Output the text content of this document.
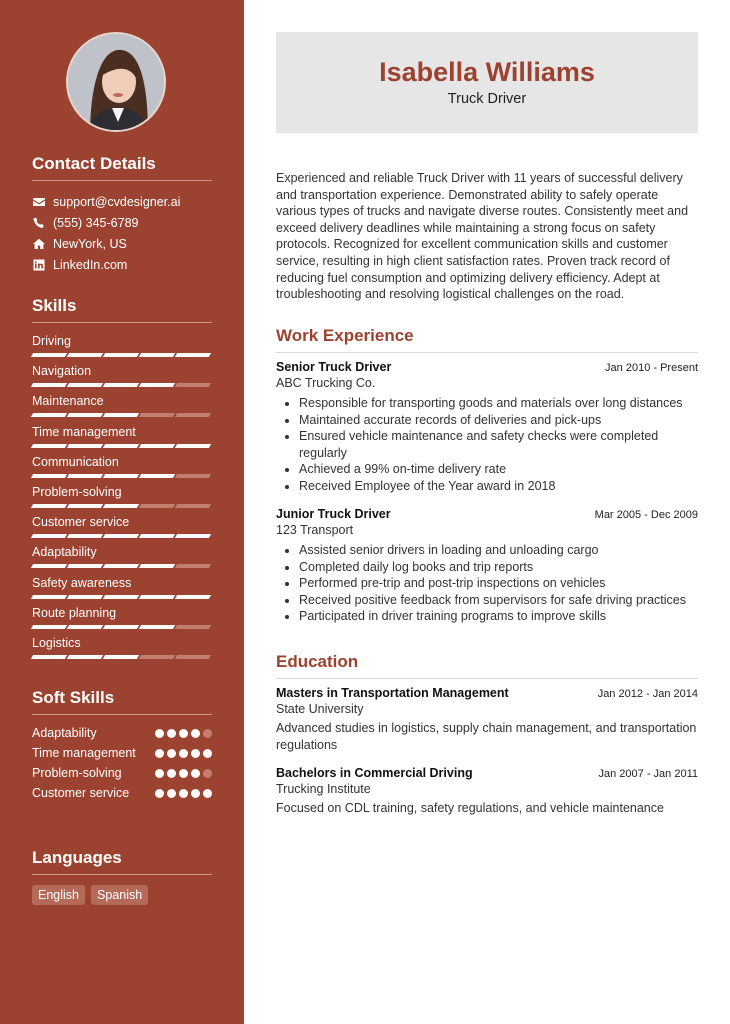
Contact Details
support@cvdesigner.ai
(555) 345-6789
NewYork, US
LinkedIn.com
Skills
Driving
Navigation
Maintenance
Time management
Communication
Problem-solving
Customer service
Adaptability
Safety awareness
Route planning
Logistics
Soft Skills
Adaptability
Time management
Problem-solving
Customer service
Languages
English	Spanish
Isabella Williams
Truck Driver

Experienced and reliable Truck Driver with 11 years of successful delivery and transportation experience. Demonstrated ability to safely operate various types of trucks and navigate diverse routes. Consistently meet and exceed delivery deadlines while maintaining a strong focus on safety protocols. Recognized for excellent communication skills and customer service, resulting in high client satisfaction rates. Proven track record of reducing fuel consumption and optimizing delivery efficiency. Adept at troubleshooting and resolving logistical challenges on the road.

Work Experience
Senior Truck Driver	Jan 2010 - Present
ABC Trucking Co.
• Responsible for transporting goods and materials over long distances
• Maintained accurate records of deliveries and pick-ups
• Ensured vehicle maintenance and safety checks were completed regularly
• Achieved a 99% on-time delivery rate
• Received Employee of the Year award in 2018
Junior Truck Driver	Mar 2005 - Dec 2009
123 Transport
• Assisted senior drivers in loading and unloading cargo
• Completed daily log books and trip reports
• Performed pre-trip and post-trip inspections on vehicles
• Received positive feedback from supervisors for safe driving practices
• Participated in driver training programs to improve skills
Education
Masters in Transportation Management	Jan 2012 - Jan 2014
State University
Advanced studies in logistics, supply chain management, and transportation regulations
Bachelors in Commercial Driving	Jan 2007 - Jan 2011
Trucking Institute
Focused on CDL training, safety regulations, and vehicle maintenance
